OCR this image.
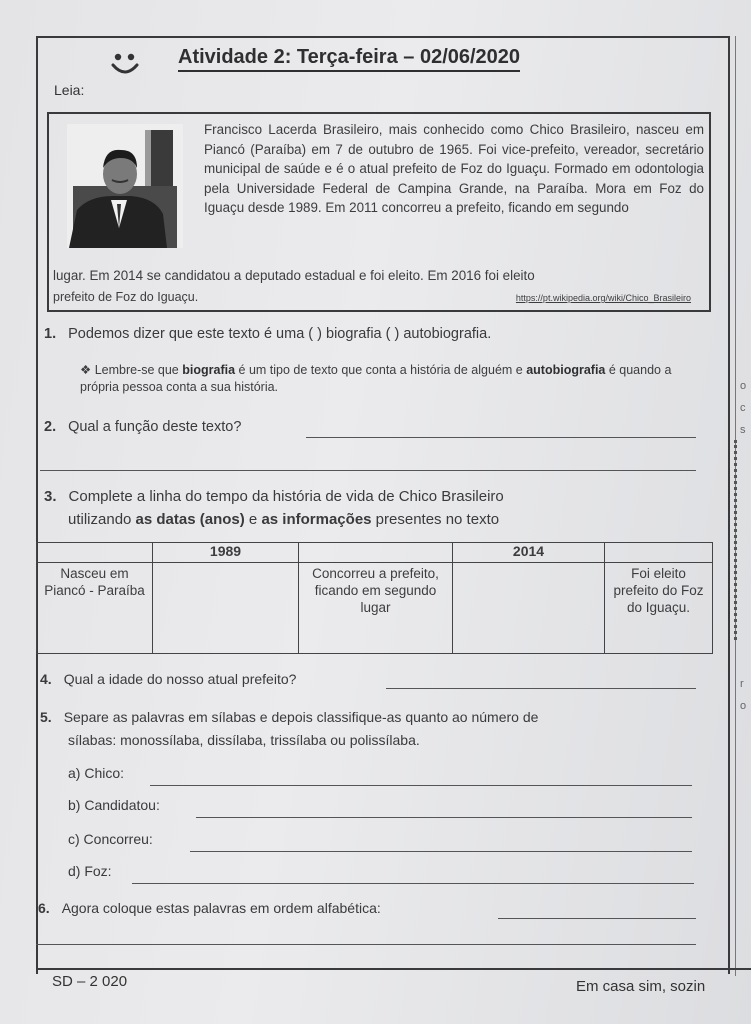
Atividade 2: Terça-feira – 02/06/2020
Leia:
Francisco Lacerda Brasileiro, mais conhecido como Chico Brasileiro, nasceu em Piancó (Paraíba) em 7 de outubro de 1965. Foi vice-prefeito, vereador, secretário municipal de saúde e é o atual prefeito de Foz do Iguaçu. Formado em odontologia pela Universidade Federal de Campina Grande, na Paraíba. Mora em Foz do Iguaçu desde 1989. Em 2011 concorreu a prefeito, ficando em segundo
lugar. Em 2014 se candidatou a deputado estadual e foi eleito. Em 2016 foi eleito
prefeito de Foz do Iguaçu.	https://pt.wikipedia.org/wiki/Chico_Brasileiro
1. Podemos dizer que este texto é uma ( ) biografia ( ) autobiografia.
❖ Lembre-se que biografia é um tipo de texto que conta a história de alguém e autobiografia é quando a própria pessoa conta a sua história.
2. Qual a função deste texto?
3. Complete a linha do tempo da história de vida de Chico Brasileiro
utilizando as datas (anos) e as informações presentes no texto
	1989		2014	
Nasceu em Piancó - Paraíba		Concorreu a prefeito, ficando em segundo lugar		Foi eleito prefeito do Foz do Iguaçu.
4. Qual a idade do nosso atual prefeito?
5. Separe as palavras em sílabas e depois classifique-as quanto ao número de
sílabas: monossílaba, dissílaba, trissílaba ou polissílaba.
a) Chico:
b) Candidatou:
c) Concorreu:
d) Foz:
6. Agora coloque estas palavras em ordem alfabética:
SD – 2 020	Em casa sim, sozin
o
c
s
r
o
